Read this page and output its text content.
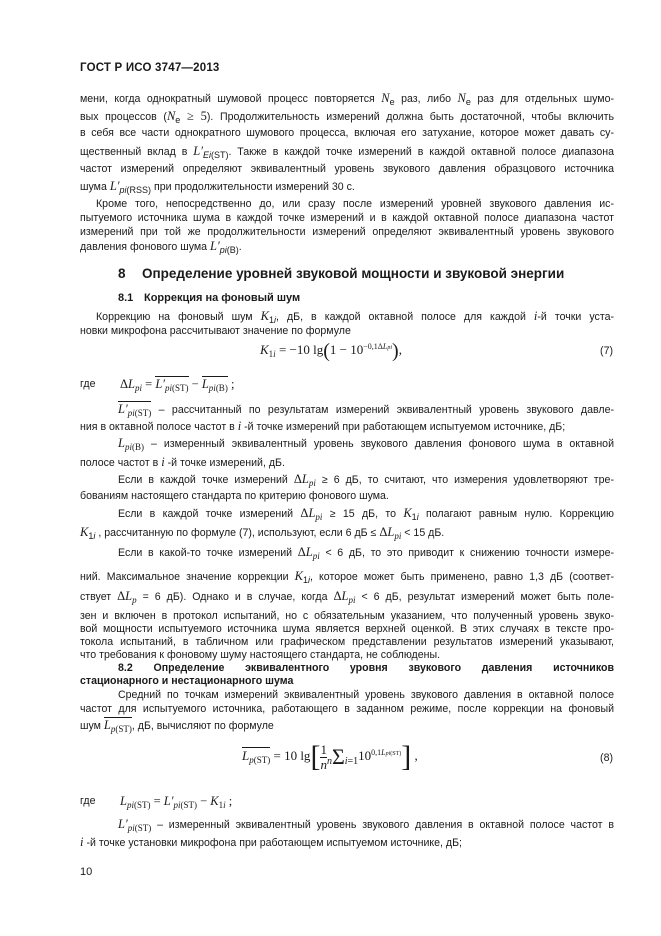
ГОСТ Р ИСО 3747—2013
мени, когда однократный шумовой процесс повторяется $N_e$ раз, либо $N_e$ раз для отдельных шумо-
вых процессов $(N_e \ge 5)$. Продолжительность измерений должна быть достаточной, чтобы включить
в себя все части однократного шумового процесса, включая его затухание, которое может давать су-
щественный вклад в $L'_{Ei(ST)}$. Также в каждой точке измерений в каждой октавной полосе диапазона
частот измерений определяют эквивалентный уровень звукового давления образцового источника
шума $L'_{pi(RSS)}$ при продолжительности измерений 30 с.
Кроме того, непосредственно до, или сразу после измерений уровней звукового давления ис-
пытуемого источника шума в каждой точке измерений и в каждой октавной полосе диапазона частот
измерений при той же продолжительности измерений определяют эквивалентный уровень звукового
давления фонового шума $L'_{pi(B)}$.
8 Определение уровней звуковой мощности и звуковой энергии
8.1 Коррекция на фоновый шум
Коррекцию на фоновый шум $K_{1i}$, дБ, в каждой октавной полосе для каждой i-й точки уста-
новки микрофона рассчитывают значение по формуле
$K_{1i} = -10$ $\lg(1 - 10^{-0,1\Delta Lpi})$,	(7)
где $\Delta L_{pi} = L'_{pi(ST)} - L_{pi(B)}$ ;
$L'_{pi(ST)}$ – рассчитанный по результатам измерений эквивалентный уровень звукового давле-
ния в октавной полосе частот в i -й точке измерений при работающем испытуемом источнике, дБ;
$L_{pi(B)}$ – измеренный эквивалентный уровень звукового давления фонового шума в октавной
полосе частот в i -й точке измерений, дБ.
Если в каждой точке измерений $\Delta L_{pi} \ge 6$ дБ, то считают, что измерения удовлетворяют тре-
бованиям настоящего стандарта по критерию фонового шума.
Если в каждой точке измерений $\Delta L_{pi} \ge 15$ дБ, то $K_{1i}$ полагают равным нулю. Коррекцию
$K_{1i}$ , рассчитанную по формуле (7), используют, если 6 дБ ≤ $\Delta L_{pi} < 15$ дБ.
Если в какой-то точке измерений $\Delta L_{pi} < 6$ дБ, то это приводит к снижению точности измере-
ний. Максимальное значение коррекции $K_{1i}$, которое может быть применено, равно 1,3 дБ (соответ-
ствует $\Delta L_p = 6$ дБ). Однако и в случае, когда $\Delta L_{pi} < 6$ дБ, результат измерений может быть поле-
зен и включен в протокол испытаний, но с обязательным указанием, что полученный уровень звуко-
вой мощности испытуемого источника шума является верхней оценкой. В этих случаях в тексте про-
токола испытаний, в табличном или графическом представлении результатов измерений указывают,
что требования к фоновому шуму настоящего стандарта, не соблюдены.
8.2 Определение эквивалентного уровня звукового давления источников
стационарного и нестационарного шума
Средний по точкам измерений эквивалентный уровень звукового давления в октавной полосе
частот для испытуемого источника, работающего в заданном режиме, после коррекции на фоновый
шум $L_{p(ST)}$, дБ, вычисляют по формуле
$L_{p(ST)} = 10$ $\lg[ \frac{1}{n} n\Sigma i=110^{0,1Lpi(ST)}]$ ,	(8)
где $L_{pi(ST)} = L'_{pi(ST)} - K_{1i}$ ;
$L'_{pi(ST)}$ – измеренный эквивалентный уровень звукового давления в октавной полосе частот в
i -й точке установки микрофона при работающем испытуемом источнике, дБ;
10
